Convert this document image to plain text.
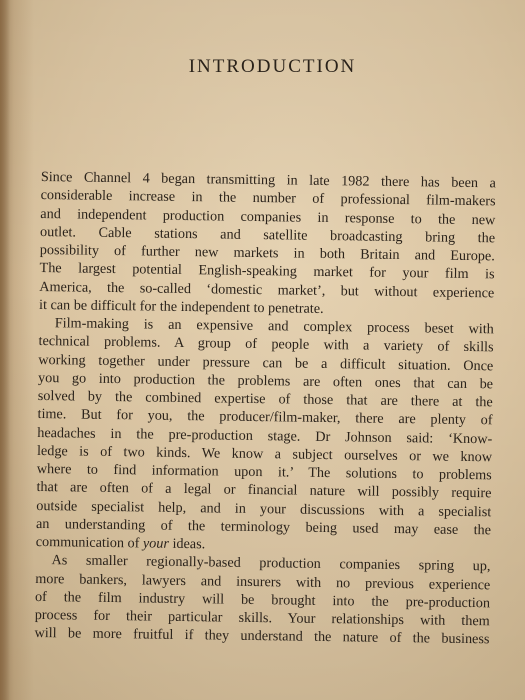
INTRODUCTION
Since Channel 4 began transmitting in late 1982 there has been a
considerable increase in the number of professional film-makers
and independent production companies in response to the new
outlet. Cable stations and satellite broadcasting bring the
possibility of further new markets in both Britain and Europe.
The largest potential English-speaking market for your film is
America, the so-called ‘domestic market’, but without experience
it can be difficult for the independent to penetrate.
Film-making is an expensive and complex process beset with
technical problems. A group of people with a variety of skills
working together under pressure can be a difficult situation. Once
you go into production the problems are often ones that can be
solved by the combined expertise of those that are there at the
time. But for you, the producer/film-maker, there are plenty of
headaches in the pre-production stage. Dr Johnson said: ‘Know-
ledge is of two kinds. We know a subject ourselves or we know
where to find information upon it.’ The solutions to problems
that are often of a legal or financial nature will possibly require
outside specialist help, and in your discussions with a specialist
an understanding of the terminology being used may ease the
communication of your ideas.
As smaller regionally-based production companies spring up,
more bankers, lawyers and insurers with no previous experience
of the film industry will be brought into the pre-production
process for their particular skills. Your relationships with them
will be more fruitful if they understand the nature of the business
